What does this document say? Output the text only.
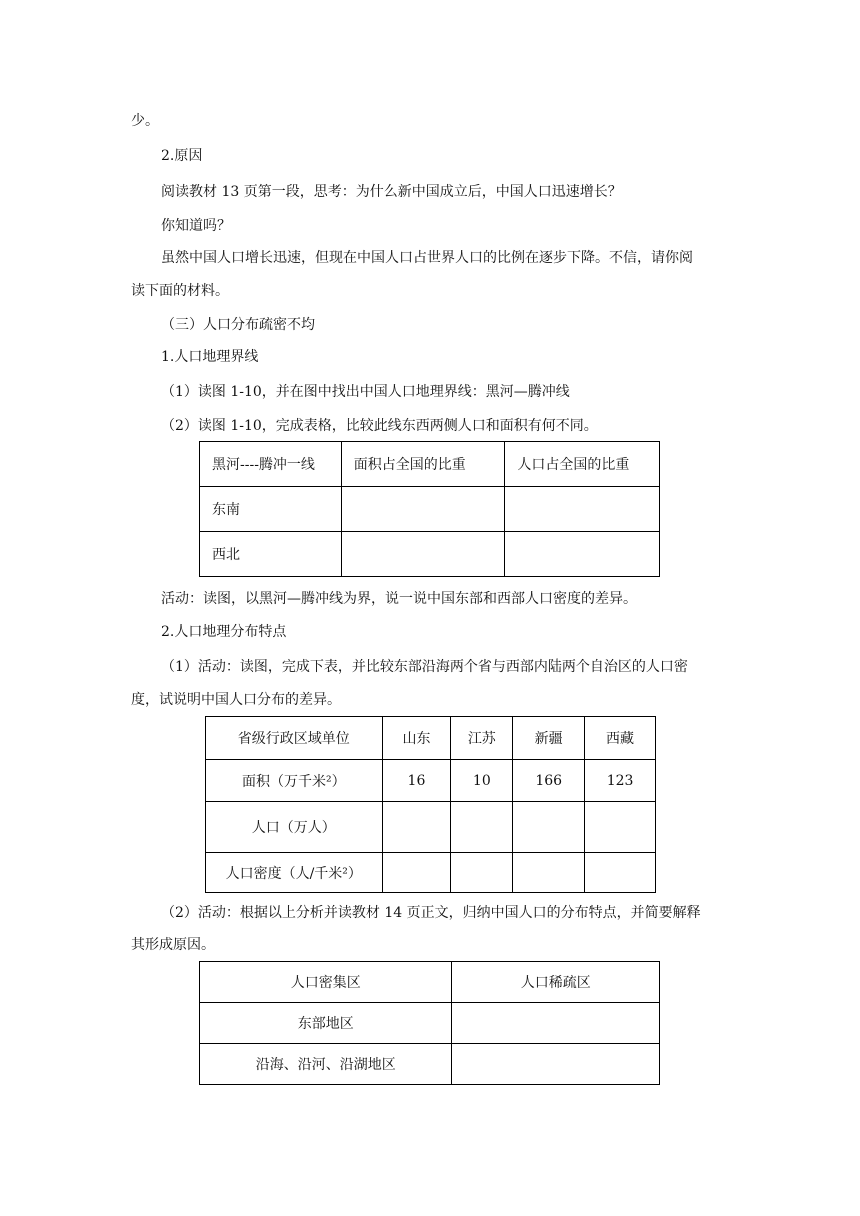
少。
2.原因
阅读教材 13 页第一段，思考：为什么新中国成立后，中国人口迅速增长？
你知道吗？
虽然中国人口增长迅速，但现在中国人口占世界人口的比例在逐步下降。不信，请你阅
读下面的材料。
（三）人口分布疏密不均
1.人口地理界线
（1）读图 1-10，并在图中找出中国人口地理界线：黑河—腾冲线
（2）读图 1-10，完成表格，比较此线东西两侧人口和面积有何不同。
黑河----腾冲一线	面积占全国的比重	人口占全国的比重
东南		
西北		
活动：读图，以黑河—腾冲线为界，说一说中国东部和西部人口密度的差异。
2.人口地理分布特点
（1）活动：读图，完成下表，并比较东部沿海两个省与西部内陆两个自治区的人口密
度，试说明中国人口分布的差异。
省级行政区域单位	山东	江苏	新疆	西藏
面积（万千米²）	16	10	166	123
人口（万人）				
人口密度（人/千米²）				
（2）活动：根据以上分析并读教材 14 页正文，归纳中国人口的分布特点，并简要解释
其形成原因。
人口密集区	人口稀疏区
东部地区	
沿海、沿河、沿湖地区	
